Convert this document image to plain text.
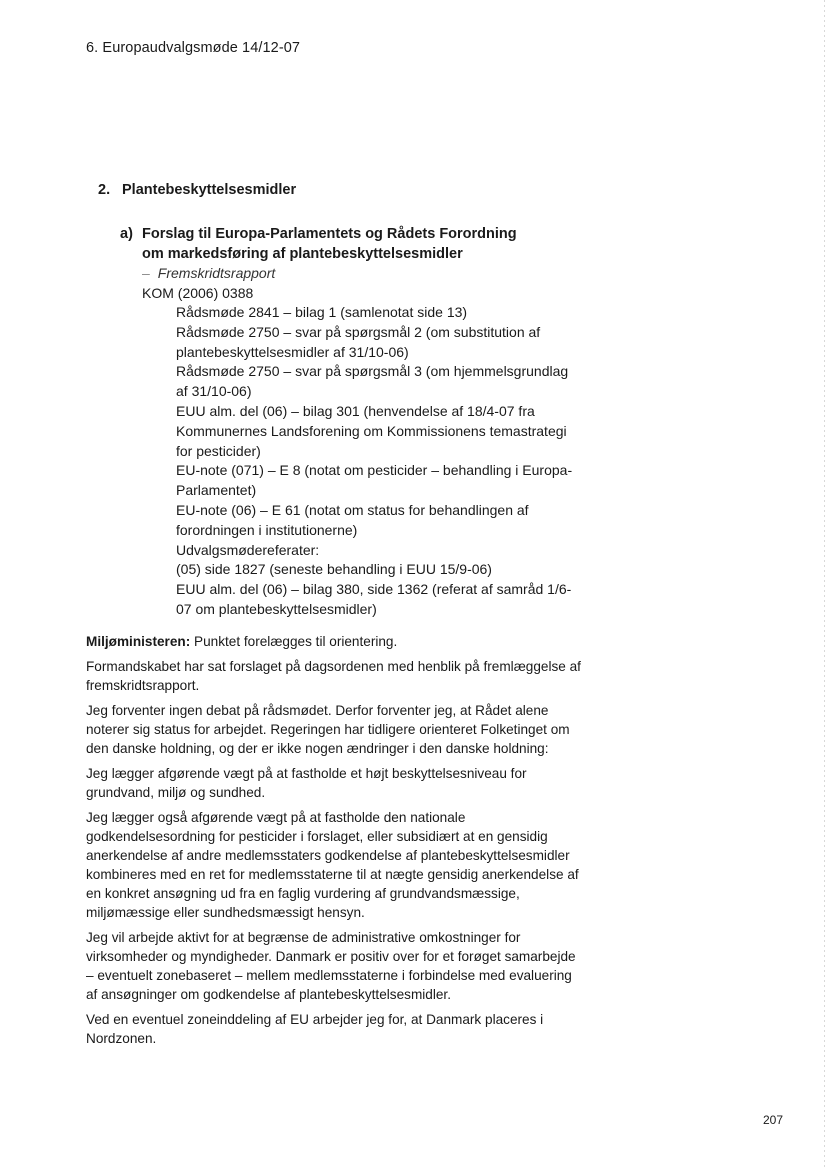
6. Europaudvalgsmøde 14/12-07
2. Plantebeskyttelsesmidler
a) Forslag til Europa-Parlamentets og Rådets Forordning om markedsføring af plantebeskyttelsesmidler
– Fremskridtsrapport
KOM (2006) 0388

Rådsmøde 2841 – bilag 1 (samlenotat side 13)

Rådsmøde 2750 – svar på spørgsmål 2 (om substitution af plantebeskyttelsesmidler af 31/10-06)

Rådsmøde 2750 – svar på spørgsmål 3 (om hjemmelsgrundlag af 31/10-06)

EUU alm. del (06) – bilag 301 (henvendelse af 18/4-07 fra Kommunernes Landsforening om Kommissionens temastrategi for pesticider)

EU-note (071) – E 8 (notat om pesticider – behandling i Europa-Parlamentet)

EU-note (06) – E 61 (notat om status for behandlingen af forordningen i institutionerne)

Udvalgsmødereferater:

(05) side 1827 (seneste behandling i EUU 15/9-06)

EUU alm. del (06) – bilag 380, side 1362 (referat af samråd 1/6-07 om plantebeskyttelsesmidler)

Miljøministeren: Punktet forelægges til orientering.

Formandskabet har sat forslaget på dagsordenen med henblik på fremlæggelse af fremskridtsrapport.

Jeg forventer ingen debat på rådsmødet. Derfor forventer jeg, at Rådet alene noterer sig status for arbejdet. Regeringen har tidligere orienteret Folketinget om den danske holdning, og der er ikke nogen ændringer i den danske holdning:

Jeg lægger afgørende vægt på at fastholde et højt beskyttelsesniveau for grundvand, miljø og sundhed.

Jeg lægger også afgørende vægt på at fastholde den nationale godkendelsesordning for pesticider i forslaget, eller subsidiært at en gensidig anerkendelse af andre medlemsstaters godkendelse af plantebeskyttelsesmidler kombineres med en ret for medlemsstaterne til at nægte gensidig anerkendelse af en konkret ansøgning ud fra en faglig vurdering af grundvandsmæssige, miljømæssige eller sundhedsmæssigt hensyn.

Jeg vil arbejde aktivt for at begrænse de administrative omkostninger for virksomheder og myndigheder. Danmark er positiv over for et forøget samarbejde – eventuelt zonebaseret – mellem medlemsstaterne i forbindelse med evaluering af ansøgninger om godkendelse af plantebeskyttelsesmidler.

Ved en eventuel zoneinddeling af EU arbejder jeg for, at Danmark placeres i Nordzonen.

207
